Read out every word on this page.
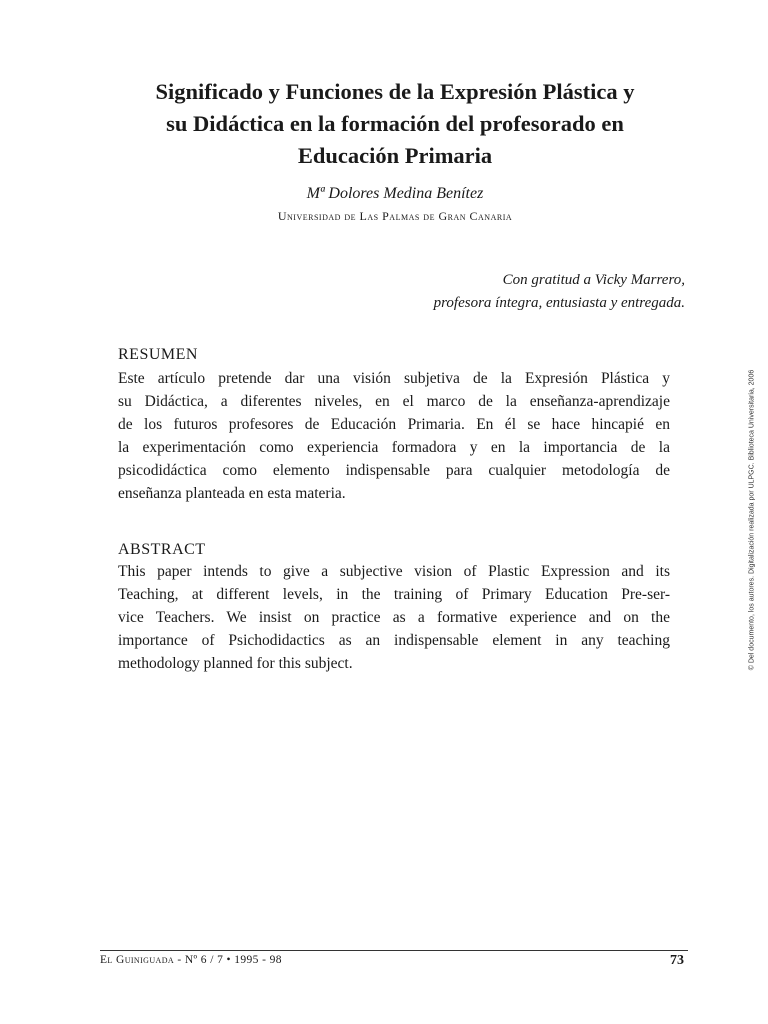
Significado y Funciones de la Expresión Plástica y
su Didáctica en la formación del profesorado en
Educación Primaria
Mª Dolores Medina Benítez
Universidad de Las Palmas de Gran Canaria
Con gratitud a Vicky Marrero,
profesora íntegra, entusiasta y entregada.
RESUMEN
Este artículo pretende dar una visión subjetiva de la Expresión Plástica y
su Didáctica, a diferentes niveles, en el marco de la enseñanza-aprendizaje
de los futuros profesores de Educación Primaria. En él se hace hincapié en
la experimentación como experiencia formadora y en la importancia de la
psicodidáctica como elemento indispensable para cualquier metodología de
enseñanza planteada en esta materia.
ABSTRACT
This paper intends to give a subjective vision of Plastic Expression and its
Teaching, at different levels, in the training of Primary Education Pre-ser-
vice Teachers. We insist on practice as a formative experience and on the
importance of Psichodidactics as an indispensable element in any teaching
methodology planned for this subject.	© Del documento, los autores. Digitalización realizada por ULPGC. Biblioteca Universitaria, 2006
El Guiniguada - Nº 6 / 7 • 1995 - 98	73
